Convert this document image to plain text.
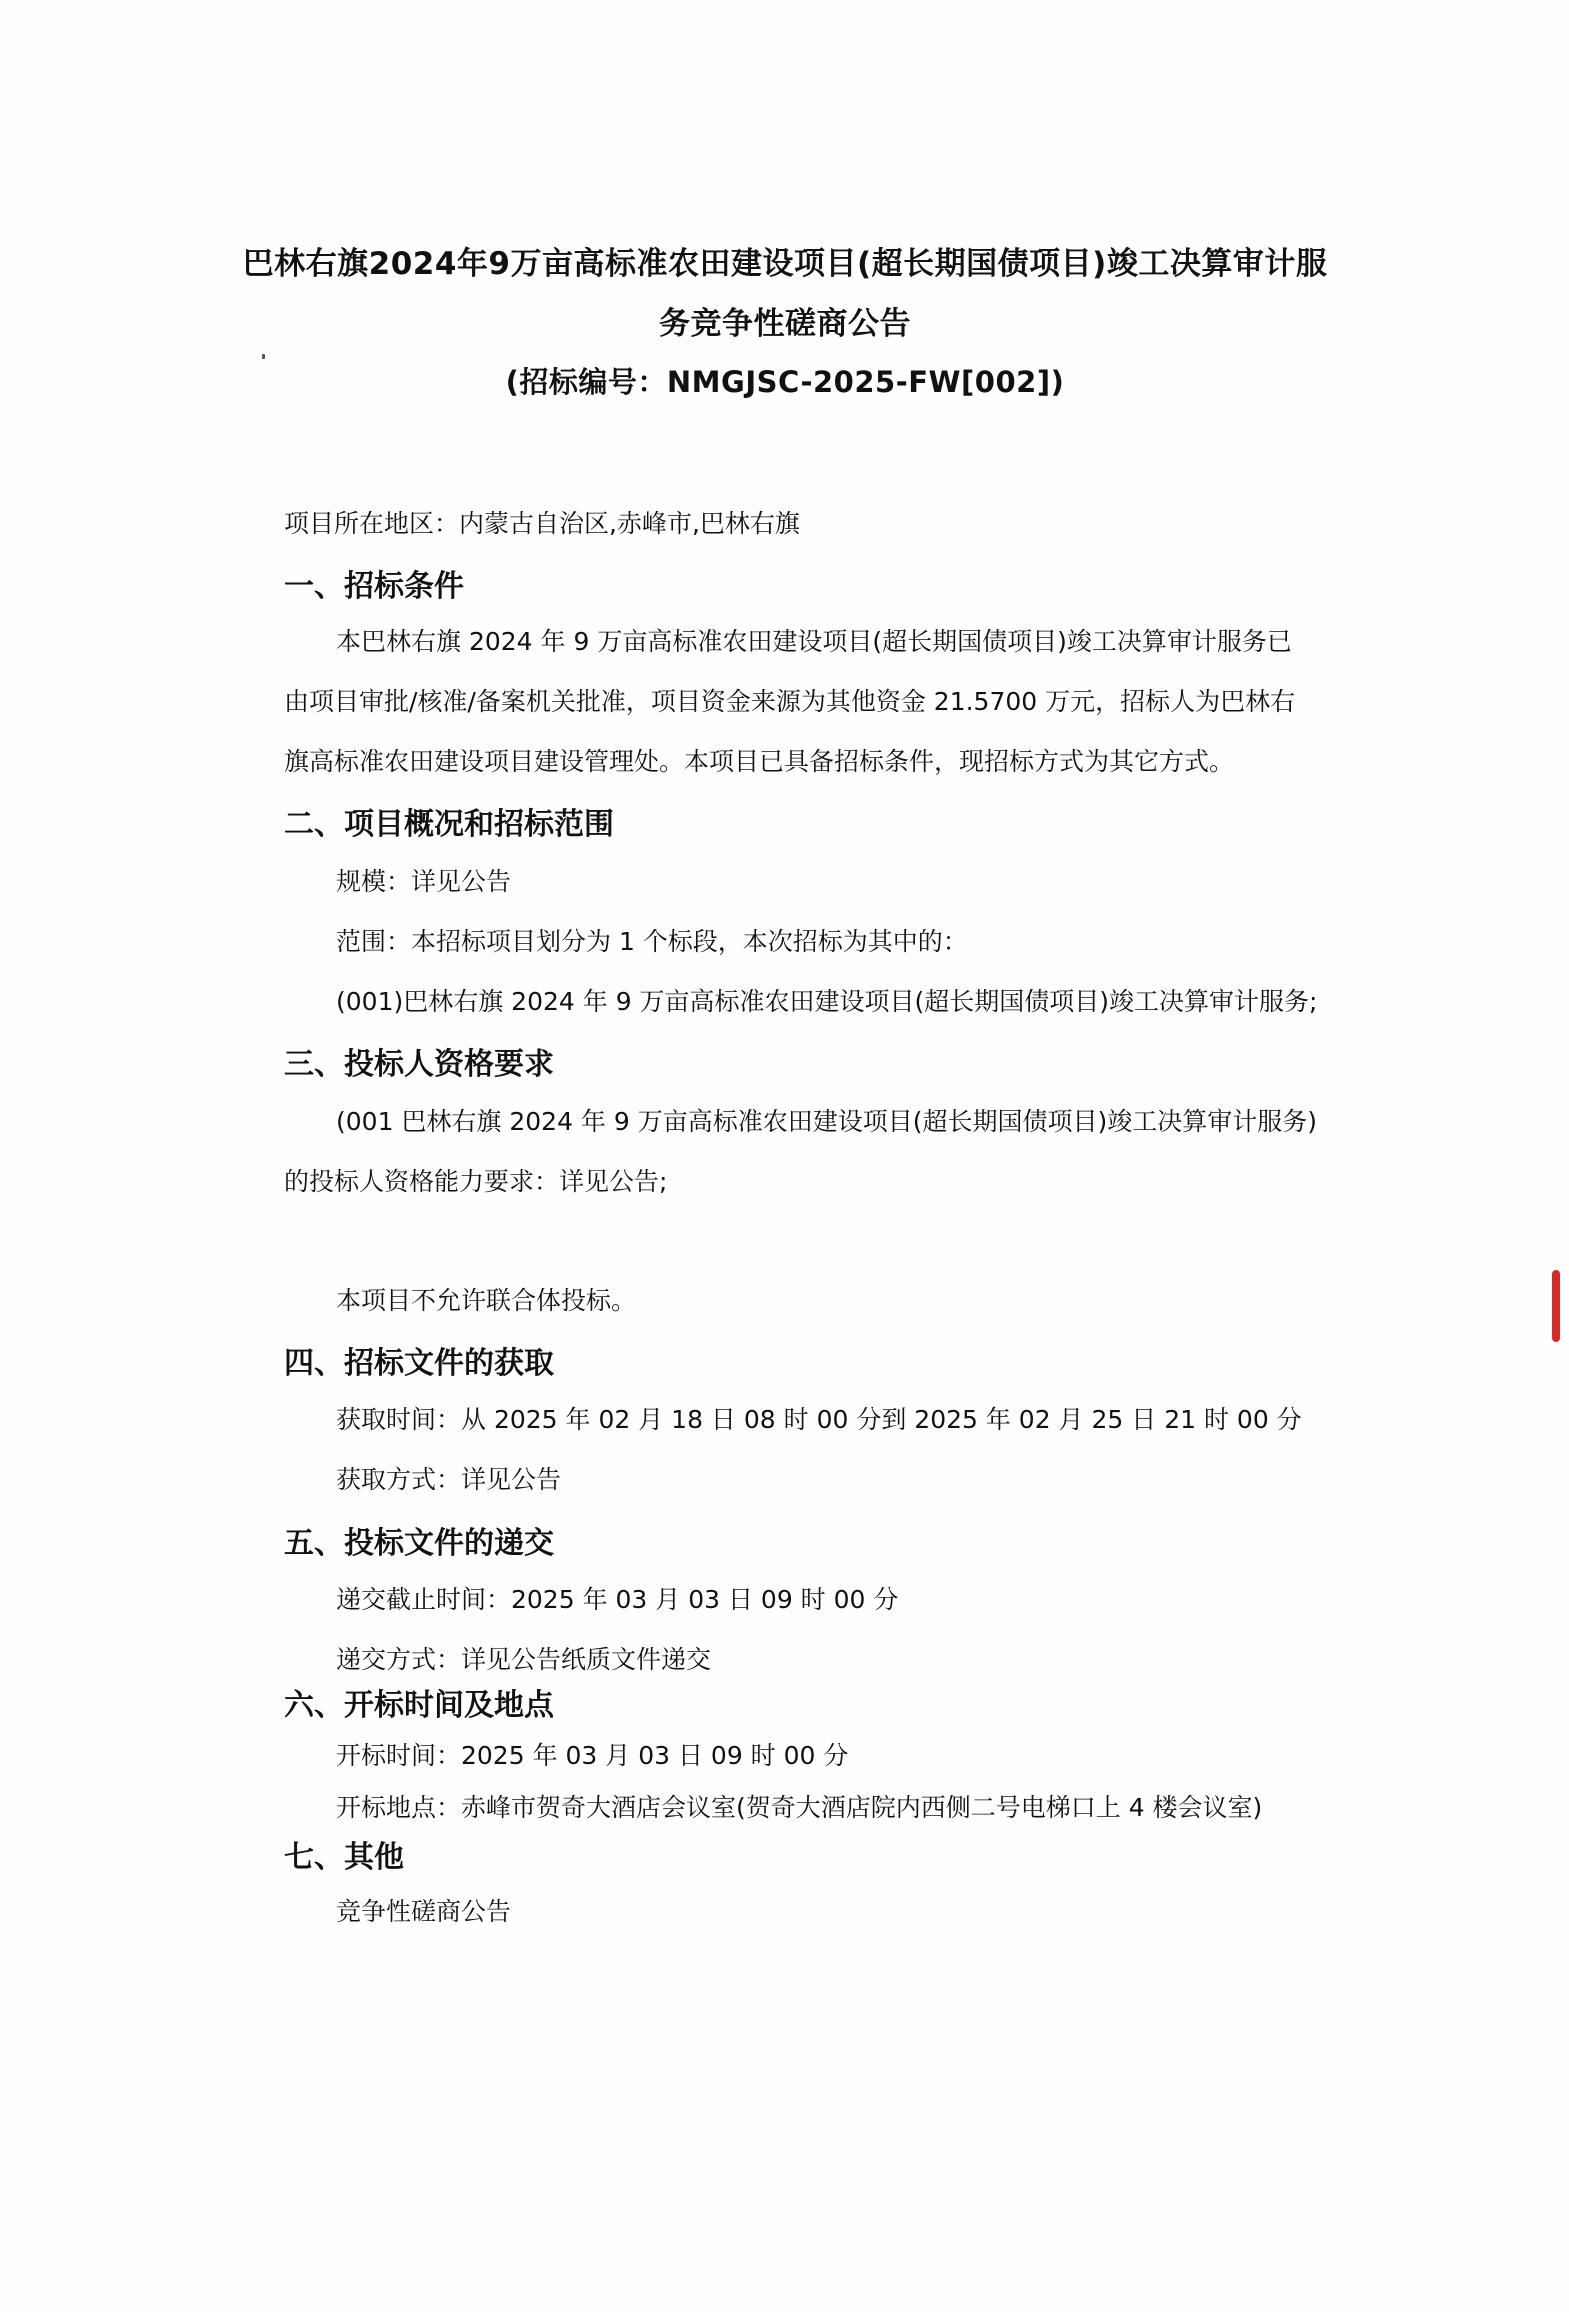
巴林右旗2024年9万亩高标准农田建设项目(超长期国债项目)竣工决算审计服
务竞争性磋商公告
(招标编号：NMGJSC-2025-FW[002])
项目所在地区：内蒙古自治区,赤峰市,巴林右旗
一、招标条件
本巴林右旗 2024 年 9 万亩高标准农田建设项目(超长期国债项目)竣工决算审计服务已
由项目审批/核准/备案机关批准，项目资金来源为其他资金 21.5700 万元，招标人为巴林右
旗高标准农田建设项目建设管理处。本项目已具备招标条件，现招标方式为其它方式。
二、项目概况和招标范围
规模：详见公告
范围：本招标项目划分为 1 个标段，本次招标为其中的：
(001)巴林右旗 2024 年 9 万亩高标准农田建设项目(超长期国债项目)竣工决算审计服务;
三、投标人资格要求
(001 巴林右旗 2024 年 9 万亩高标准农田建设项目(超长期国债项目)竣工决算审计服务)
的投标人资格能力要求：详见公告;
本项目不允许联合体投标。
四、招标文件的获取
获取时间：从 2025 年 02 月 18 日 08 时 00 分到 2025 年 02 月 25 日 21 时 00 分
获取方式：详见公告
五、投标文件的递交
递交截止时间：2025 年 03 月 03 日 09 时 00 分
递交方式：详见公告纸质文件递交
六、开标时间及地点
开标时间：2025 年 03 月 03 日 09 时 00 分
开标地点：赤峰市贺奇大酒店会议室(贺奇大酒店院内西侧二号电梯口上 4 楼会议室)
七、其他
竞争性磋商公告
